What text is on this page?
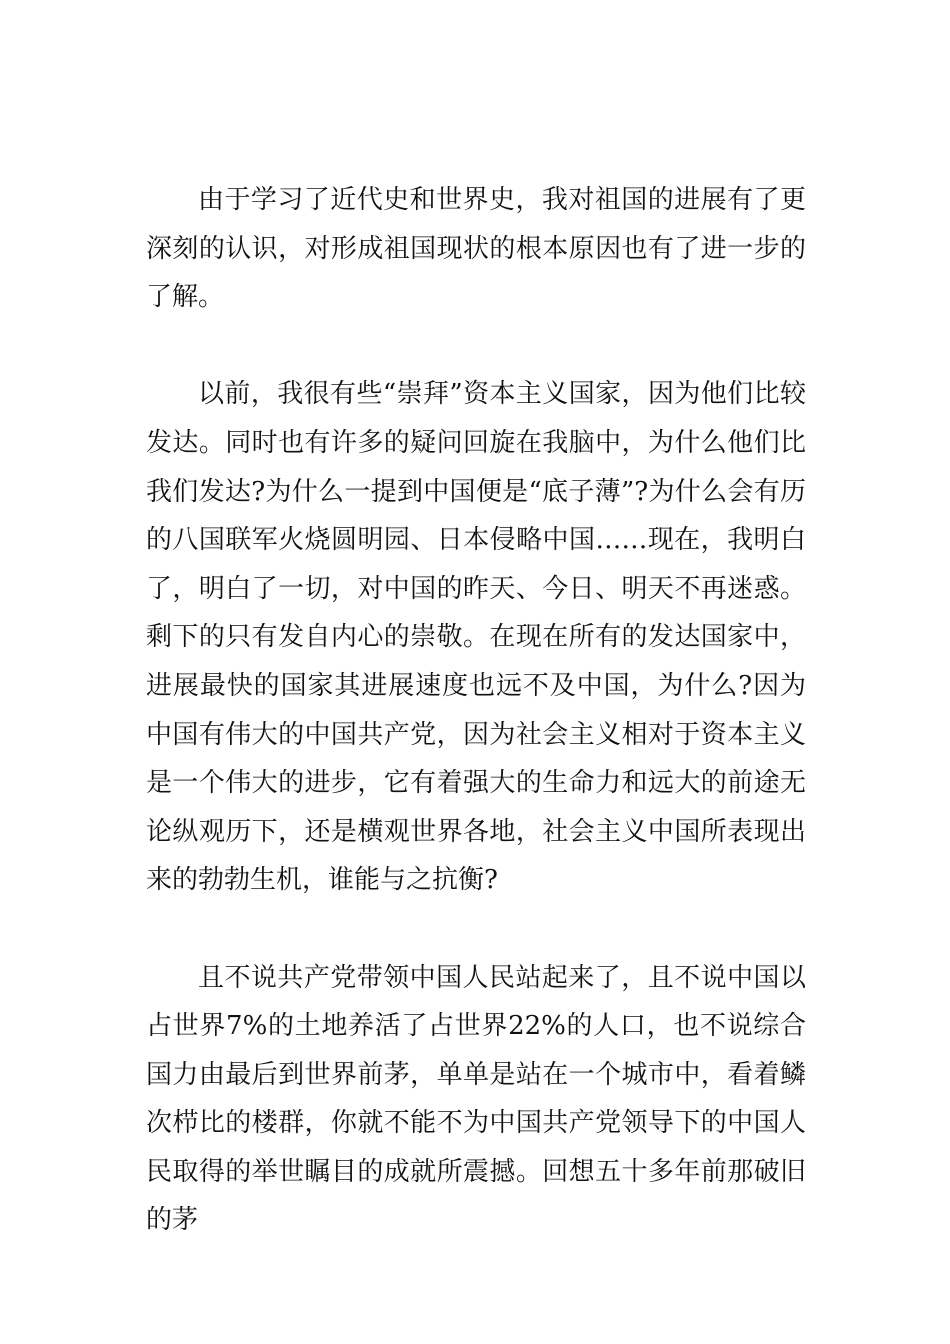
由于学习了近代史和世界史，我对祖国的进展有了更深刻的认识，对形成祖国现状的根本原因也有了进一步的了解。

以前，我很有些“崇拜”资本主义国家，因为他们比较发达。同时也有许多的疑问回旋在我脑中，为什么他们比我们发达?为什么一提到中国便是“底子薄”?为什么会有历的八国联军火烧圆明园、日本侵略中国……现在，我明白了，明白了一切，对中国的昨天、今日、明天不再迷惑。剩下的只有发自内心的崇敬。在现在所有的发达国家中，进展最快的国家其进展速度也远不及中国，为什么?因为中国有伟大的中国共产党，因为社会主义相对于资本主义是一个伟大的进步，它有着强大的生命力和远大的前途无论纵观历下，还是横观世界各地，社会主义中国所表现出来的勃勃生机，谁能与之抗衡?

且不说共产党带领中国人民站起来了，且不说中国以占世界7%的土地养活了占世界22%的人口，也不说综合国力由最后到世界前茅，单单是站在一个城市中，看着鳞次栉比的楼群，你就不能不为中国共产党领导下的中国人民取得的举世瞩目的成就所震撼。回想五十多年前那破旧的茅
